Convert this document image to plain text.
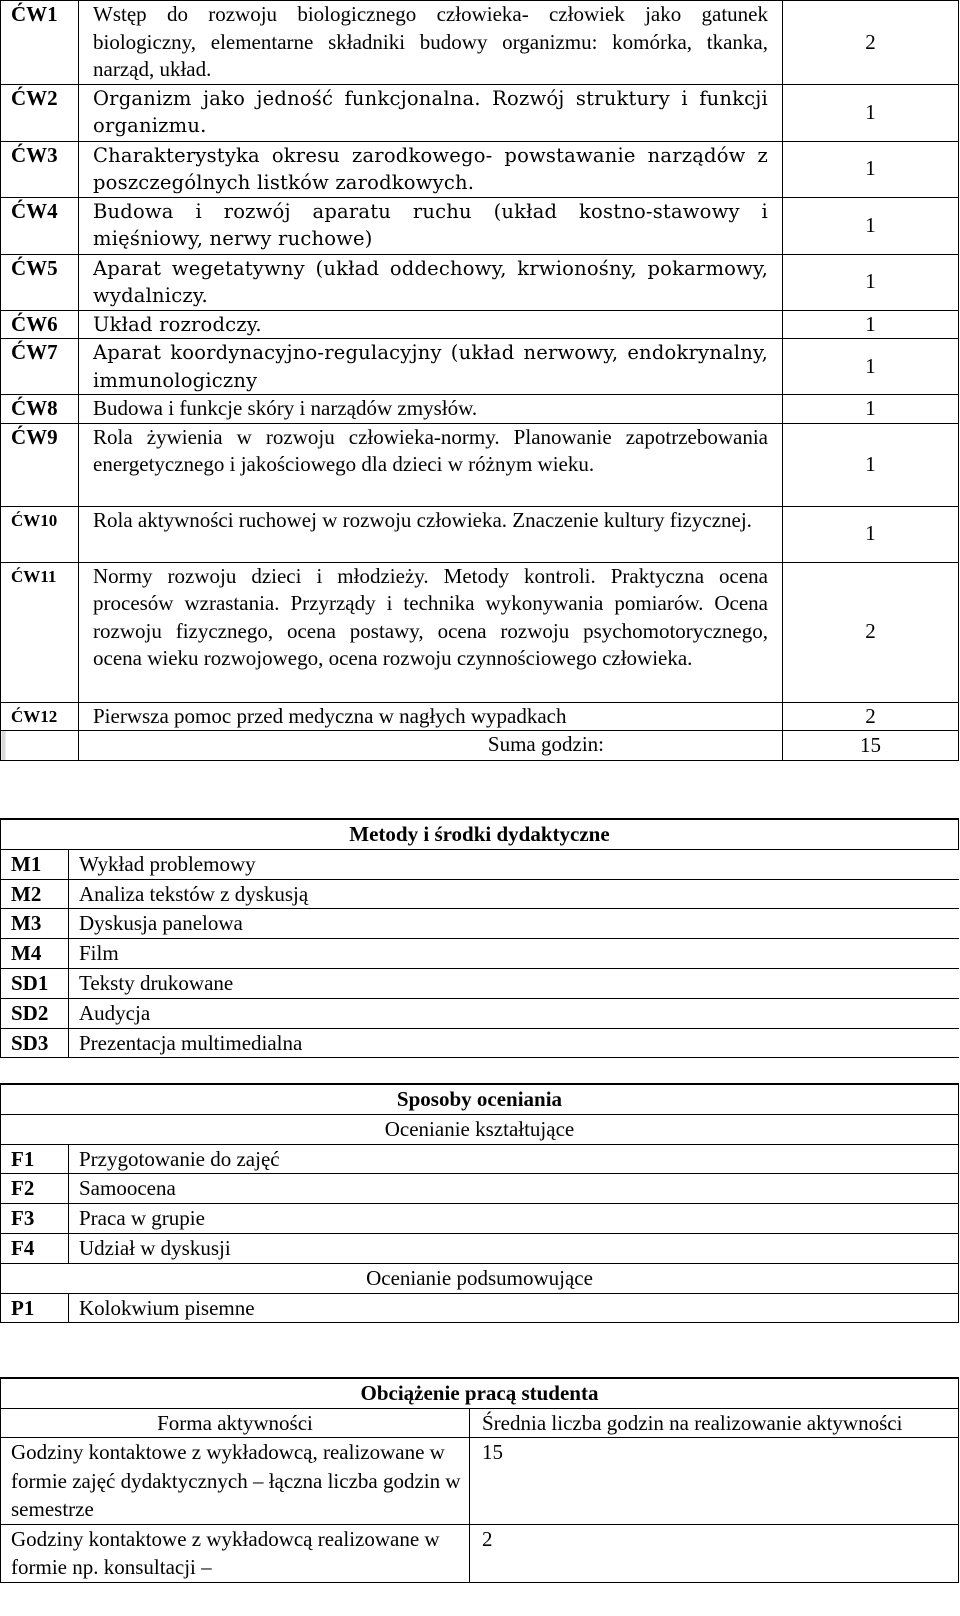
ĆW1	Wstęp do rozwoju biologicznego człowieka- człowiek jako gatunek biologiczny, elementarne składniki budowy organizmu: komórka, tkanka, narząd, układ.	2
ĆW2	Organizm jako jedność funkcjonalna. Rozwój struktury i funkcji organizmu.	1
ĆW3	Charakterystyka okresu zarodkowego- powstawanie narządów z poszczególnych listków zarodkowych.	1
ĆW4	Budowa i rozwój aparatu ruchu (układ kostno-stawowy i mięśniowy, nerwy ruchowe)	1
ĆW5	Aparat wegetatywny (układ oddechowy, krwionośny, pokarmowy, wydalniczy.	1
ĆW6	Układ rozrodczy.	1
ĆW7	Aparat koordynacyjno-regulacyjny (układ nerwowy, endokrynalny, immunologiczny	1
ĆW8	Budowa i funkcje skóry i narządów zmysłów.	1
ĆW9	Rola żywienia w rozwoju człowieka-normy. Planowanie zapotrzebowania energetycznego i jakościowego dla dzieci w różnym wieku.	1
ĆW10	Rola aktywności ruchowej w rozwoju człowieka. Znaczenie kultury fizycznej.	1
ĆW11	Normy rozwoju dzieci i młodzieży. Metody kontroli. Praktyczna ocena procesów wzrastania. Przyrządy i technika wykonywania pomiarów. Ocena rozwoju fizycznego, ocena postawy, ocena rozwoju psychomotorycznego, ocena wieku rozwojowego, ocena rozwoju czynnościowego człowieka.	2
ĆW12	Pierwsza pomoc przed medyczna w nagłych wypadkach	2
	Suma godzin:	15
Metody i środki dydaktyczne	
M1	Wykład problemowy
M2	Analiza tekstów z dyskusją
M3	Dyskusja panelowa
M4	Film
SD1	Teksty drukowane
SD2	Audycja
SD3	Prezentacja multimedialna
Sposoby oceniania	
Ocenianie kształtujące	
F1	Przygotowanie do zajęć
F2	Samoocena
F3	Praca w grupie
F4	Udział w dyskusji
Ocenianie podsumowujące	
P1	Kolokwium pisemne
Obciążenie pracą studenta	
Forma aktywności	Średnia liczba godzin na realizowanie aktywności
Godziny kontaktowe z wykładowcą, realizowane w formie zajęć dydaktycznych – łączna liczba godzin w semestrze	15
Godziny kontaktowe z wykładowcą realizowane w formie np. konsultacji –	2
